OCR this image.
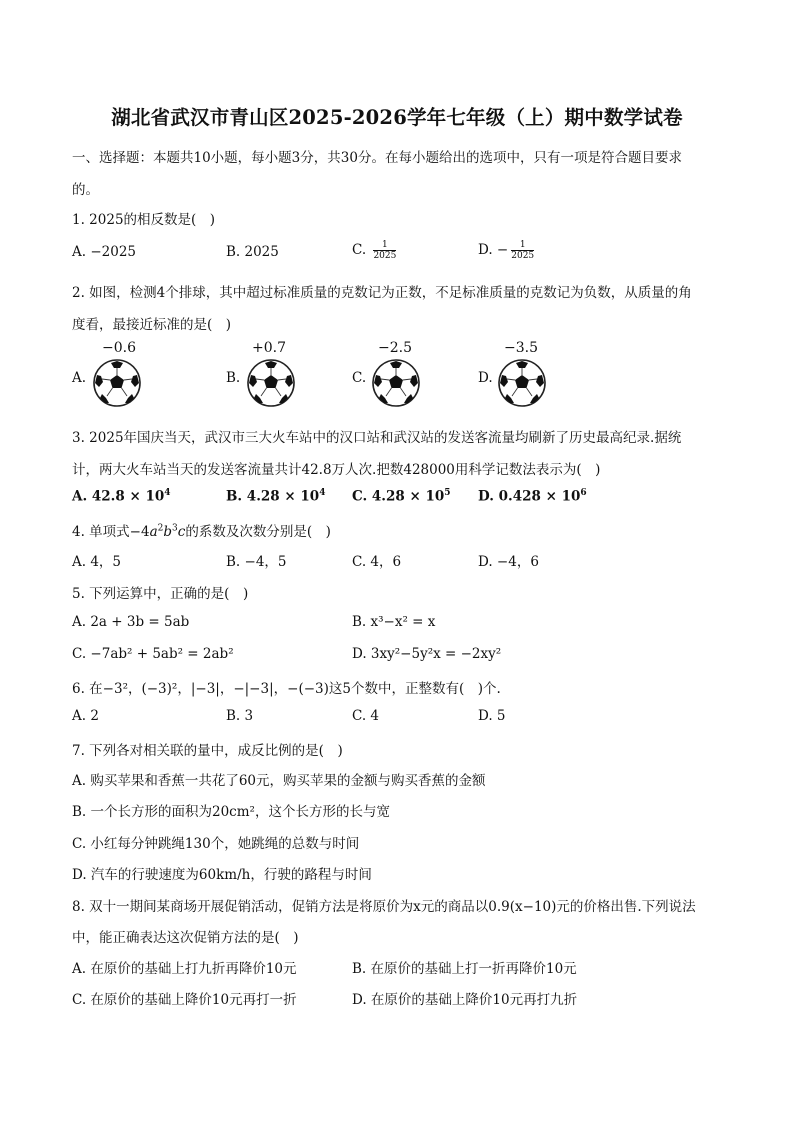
湖北省武汉市青山区2025-2026学年七年级（上）期中数学试卷
一、选择题：本题共10小题，每小题3分，共30分。在每小题给出的选项中，只有一项是符合题目要求
的。
1. 2025的相反数是(　)
A. −2025	B. 2025	C. $\frac{1}{2025}$	D. − $\frac{1}{2025}$
2. 如图，检测4个排球，其中超过标准质量的克数记为正数，不足标准质量的克数记为负数，从质量的角
度看，最接近标准的是(　)
A.
−0.6
B.
+0.7
C.
−2.5
D.
−3.5
3. 2025年国庆当天，武汉市三大火车站中的汉口站和武汉站的发送客流量均刷新了历史最高纪录.据统
计，两大火车站当天的发送客流量共计42.8万人次.把数428000用科学记数法表示为(　)
A. $42.8 \times 10^4$	B. $4.28 \times 10^4$ C. $4.28 \times 10^5$ D. $0.428 \times 10^6$
4. 单项式$-4a^2b^3c$的系数及次数分别是(　)
A. 4，5	B. −4，5	C. 4，6	D. −4，6
5. 下列运算中，正确的是(　)
A. 2a + 3b = 5ab	B. x³−x² = x
C. −7ab² + 5ab² = 2ab²	D. 3xy²−5y²x = −2xy²
6. 在−3²，(−3)²，|−3|，−|−3|，−(−3)这5个数中，正整数有(　)个.
A. 2	B. 3	C. 4	D. 5
7. 下列各对相关联的量中，成反比例的是(　)
A. 购买苹果和香蕉一共花了60元，购买苹果的金额与购买香蕉的金额
B. 一个长方形的面积为20cm²，这个长方形的长与宽
C. 小红每分钟跳绳130个，她跳绳的总数与时间
D. 汽车的行驶速度为60km/h，行驶的路程与时间
8. 双十一期间某商场开展促销活动，促销方法是将原价为x元的商品以0.9(x−10)元的价格出售.下列说法
中，能正确表达这次促销方法的是(　)
A. 在原价的基础上打九折再降价10元	B. 在原价的基础上打一折再降价10元
C. 在原价的基础上降价10元再打一折	D. 在原价的基础上降价10元再打九折
